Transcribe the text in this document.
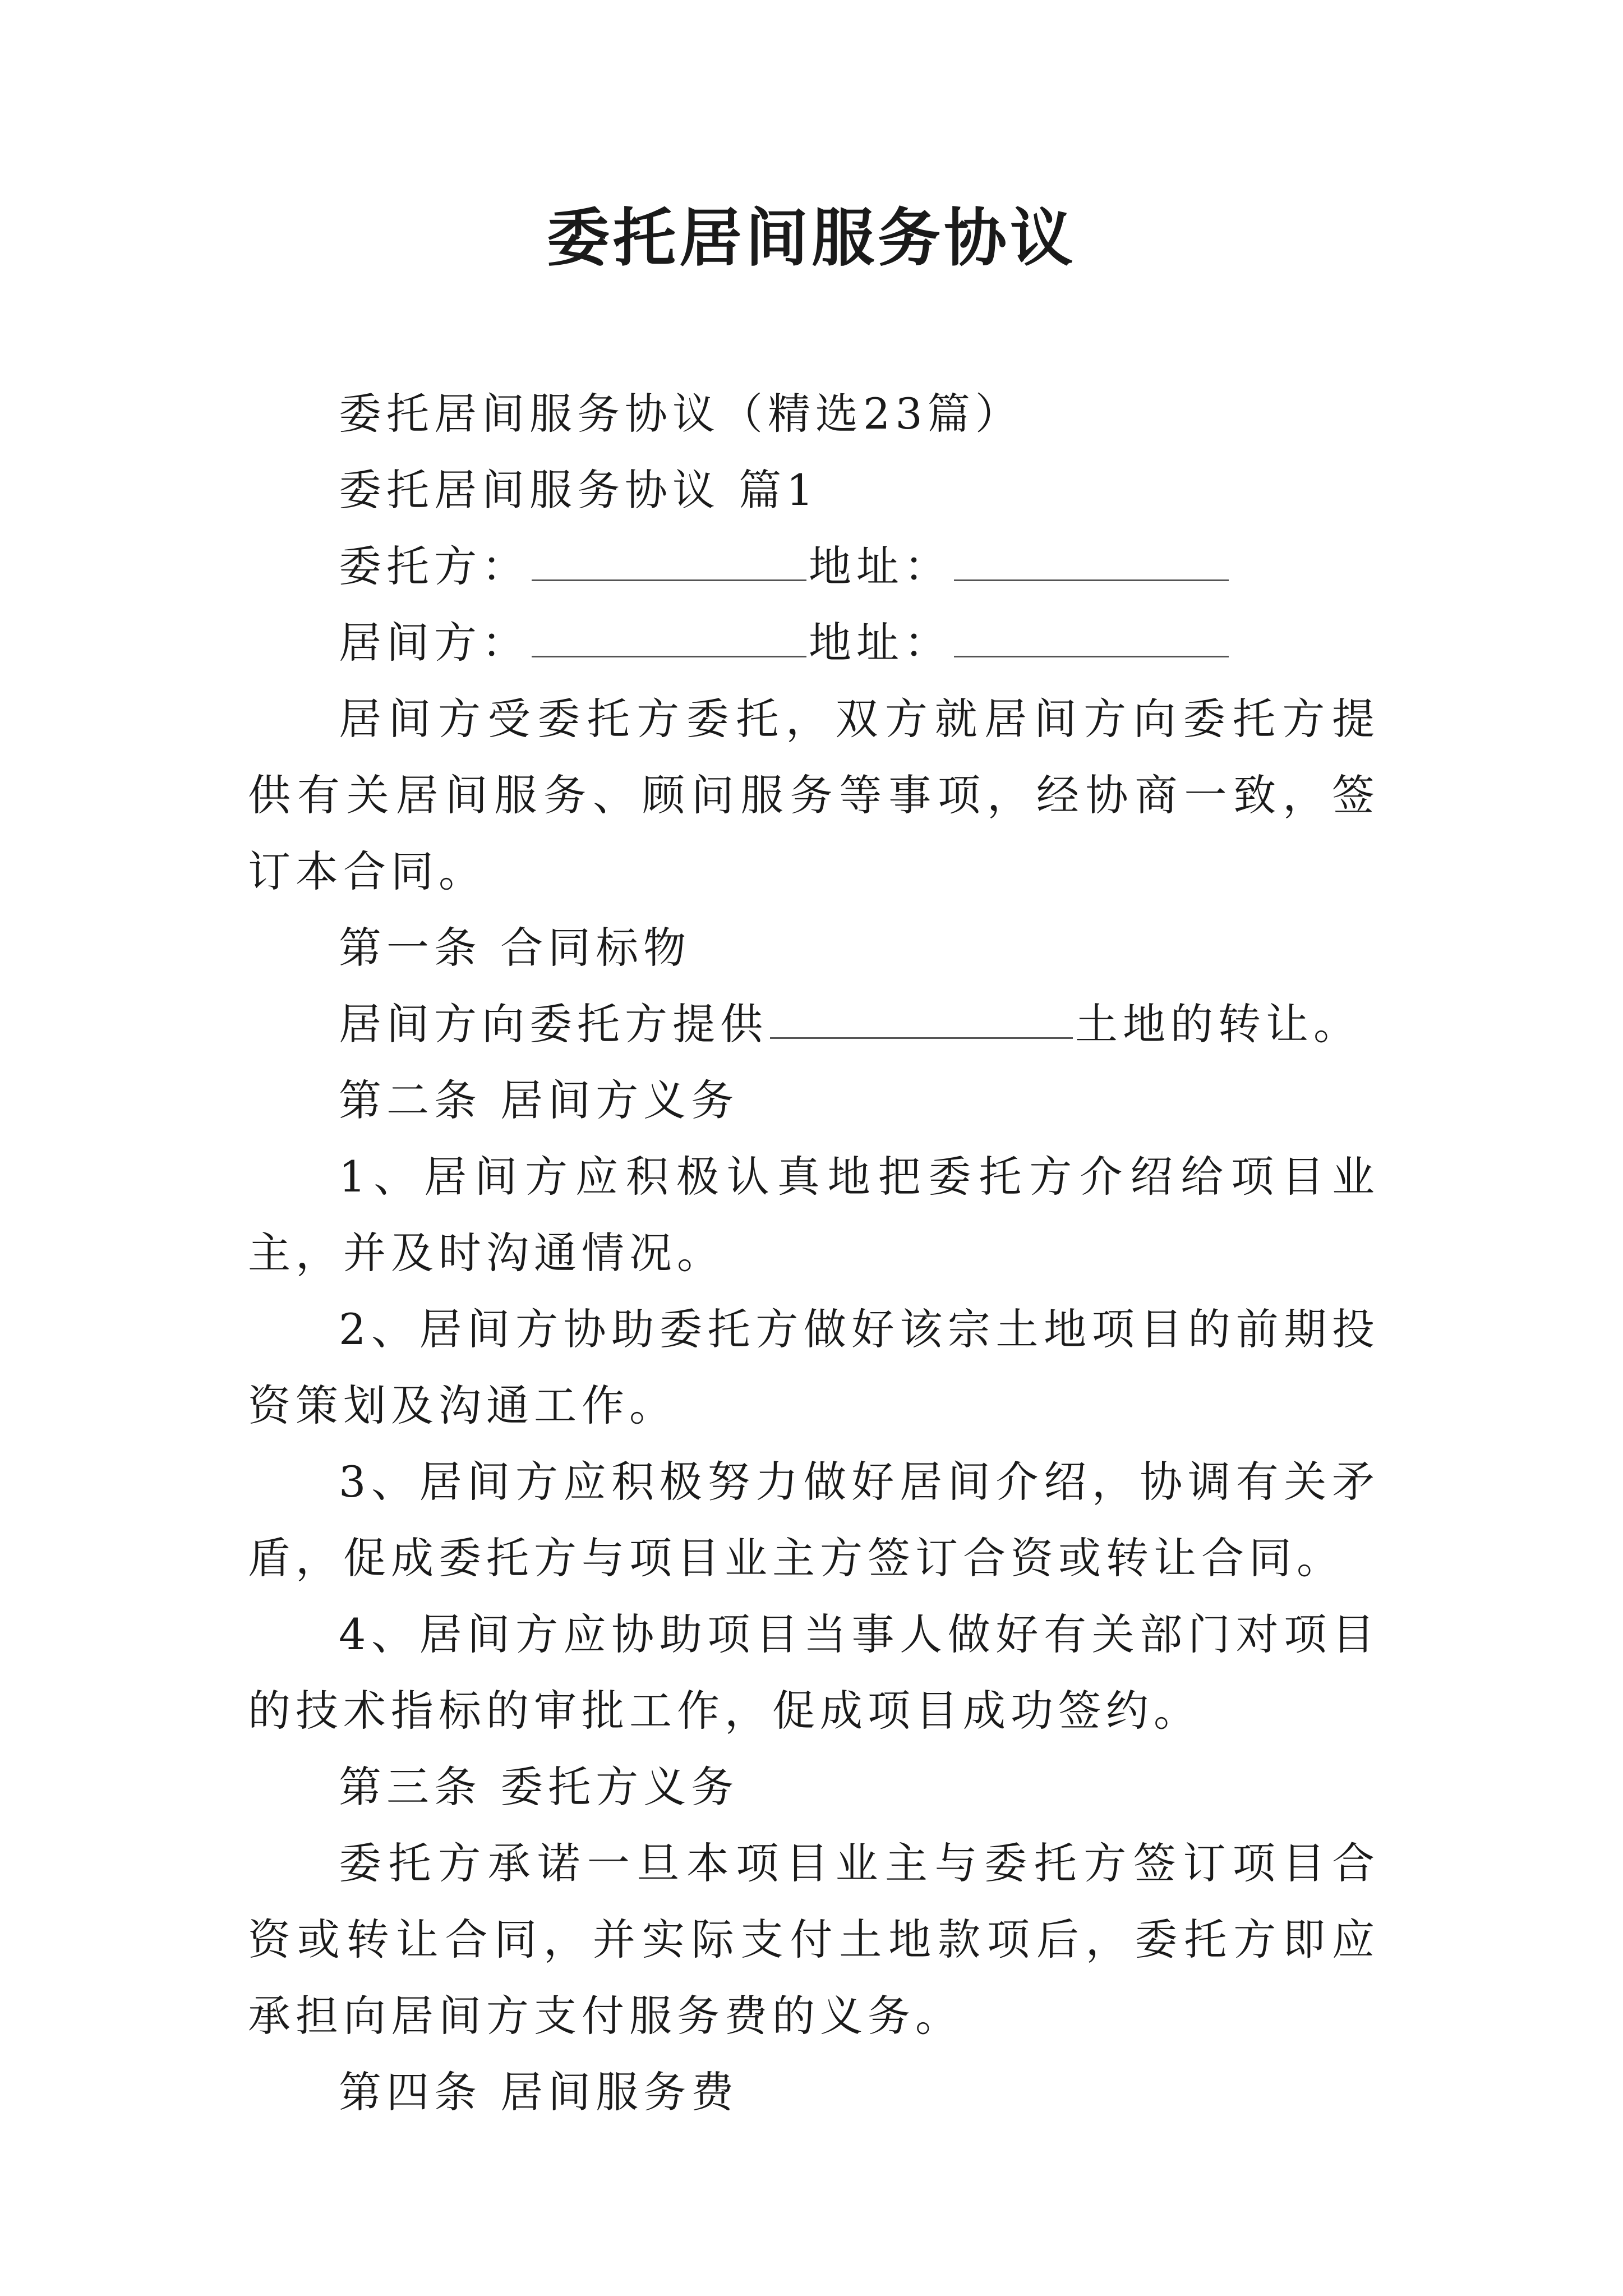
委托居间服务协议

委托居间服务协议（精选23篇）

委托居间服务协议 篇1

委托方：	地址：

居间方：	地址：

居间方受委托方委托，双方就居间方向委托方提供有关居间服务、顾问服务等事项，经协商一致，签订本合同。

第一条 合同标物

居间方向委托方提供	土地的转让。

第二条 居间方义务

1、居间方应积极认真地把委托方介绍给项目业主，并及时沟通情况。

2、居间方协助委托方做好该宗土地项目的前期投资策划及沟通工作。

3、居间方应积极努力做好居间介绍，协调有关矛盾，促成委托方与项目业主方签订合资或转让合同。

4、居间方应协助项目当事人做好有关部门对项目的技术指标的审批工作，促成项目成功签约。

第三条 委托方义务

委托方承诺一旦本项目业主与委托方签订项目合资或转让合同，并实际支付土地款项后，委托方即应承担向居间方支付服务费的义务。

第四条 居间服务费
